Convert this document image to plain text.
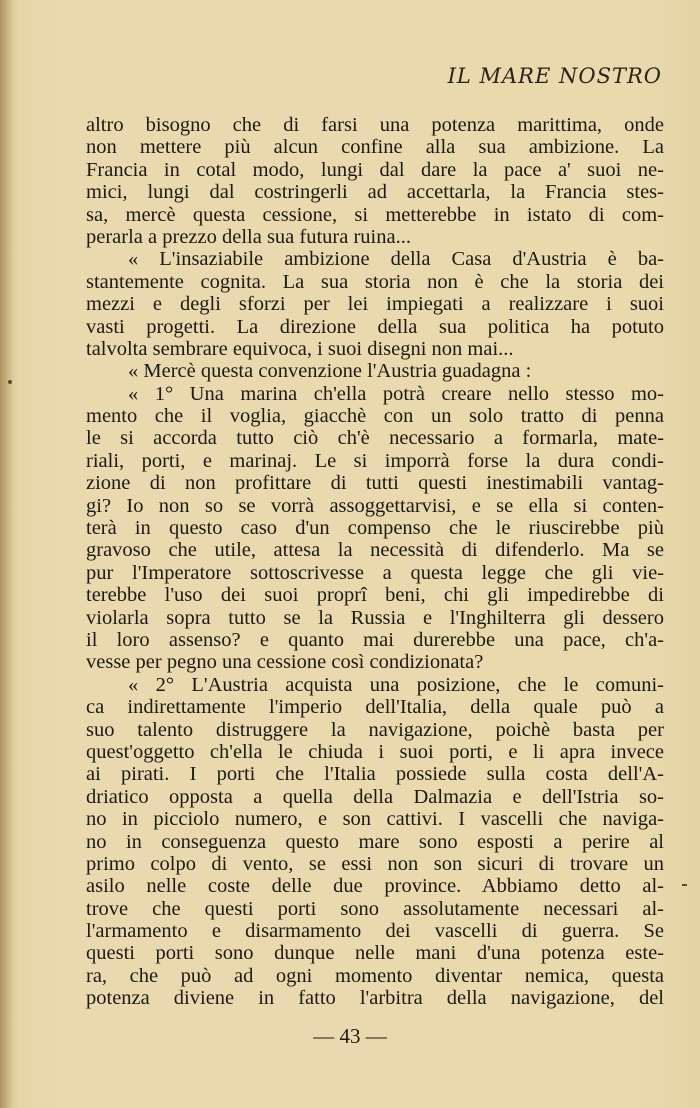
IL MARE NOSTRO
altro bisogno che di farsi una potenza marittima, onde
non mettere più alcun confine alla sua ambizione. La
Francia in cotal modo, lungi dal dare la pace a' suoi ne-
mici, lungi dal costringerli ad accettarla, la Francia stes-
sa, mercè questa cessione, si metterebbe in istato di com-
perarla a prezzo della sua futura ruina...
« L'insaziabile ambizione della Casa d'Austria è ba-
stantemente cognita. La sua storia non è che la storia dei
mezzi e degli sforzi per lei impiegati a realizzare i suoi
vasti progetti. La direzione della sua politica ha potuto
talvolta sembrare equivoca, i suoi disegni non mai...
« Mercè questa convenzione l'Austria guadagna :
« 1° Una marina ch'ella potrà creare nello stesso mo-
mento che il voglia, giacchè con un solo tratto di penna
le si accorda tutto ciò ch'è necessario a formarla, mate-
riali, porti, e marinaj. Le si imporrà forse la dura condi-
zione di non profittare di tutti questi inestimabili vantag-
gi? Io non so se vorrà assoggettarvisi, e se ella si conten-
terà in questo caso d'un compenso che le riuscirebbe più
gravoso che utile, attesa la necessità di difenderlo. Ma se
pur l'Imperatore sottoscrivesse a questa legge che gli vie-
terebbe l'uso dei suoi proprî beni, chi gli impedirebbe di
violarla sopra tutto se la Russia e l'Inghilterra gli dessero
il loro assenso? e quanto mai durerebbe una pace, ch'a-
vesse per pegno una cessione così condizionata?
« 2° L'Austria acquista una posizione, che le comuni-
ca indirettamente l'imperio dell'Italia, della quale può a
suo talento distruggere la navigazione, poichè basta per
quest'oggetto ch'ella le chiuda i suoi porti, e li apra invece
ai pirati. I porti che l'Italia possiede sulla costa dell'A-
driatico opposta a quella della Dalmazia e dell'Istria so-
no in picciolo numero, e son cattivi. I vascelli che naviga-
no in conseguenza questo mare sono esposti a perire al
primo colpo di vento, se essi non son sicuri di trovare un
asilo nelle coste delle due province. Abbiamo detto al-
trove che questi porti sono assolutamente necessari al-
l'armamento e disarmamento dei vascelli di guerra. Se
questi porti sono dunque nelle mani d'una potenza este-
ra, che può ad ogni momento diventar nemica, questa
potenza diviene in fatto l'arbitra della navigazione, del
— 43 —
